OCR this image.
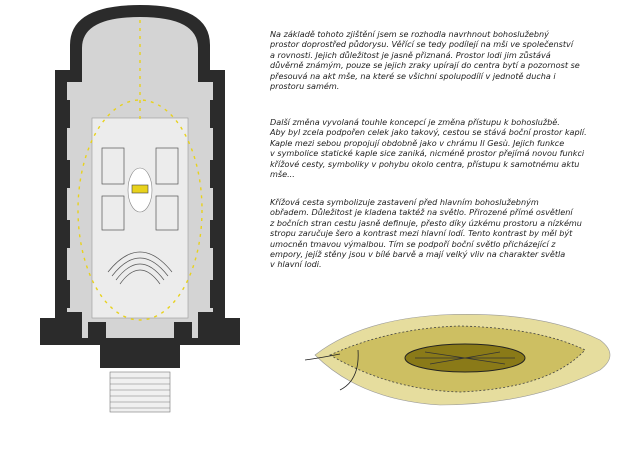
Na základě tohoto zjištění jsem se rozhodla navrhnout bohoslužebný
prostor doprostřed půdorysu. Věřící se tedy podílejí na mši ve společenství
a rovnosti. Jejich důležitost je jasně přiznaná. Prostor lodi jim zůstává
důvěrně známým, pouze se jejich zraky upírají do centra bytí a pozornost se
přesouvá na akt mše, na které se všichni spolupodílí v jednotě ducha i
prostoru samém.

Další změna vyvolaná touhle koncepcí je změna přístupu k bohoslužbě.
Aby byl zcela podpořen celek jako takový, cestou se stává boční prostor kaplí.
Kaple mezi sebou propojují obdobně jako v chrámu Il Gesù. Jejich funkce
v symbolice statické kaple sice zaniká, nicméně prostor přejímá novou funkci
křížové cesty, symboliky v pohybu okolo centra, přístupu k samotnému aktu
mše...

Křížová cesta symbolizuje zastavení před hlavním bohoslužebným
obřadem. Důležitost je kladena taktéž na světlo. Přirozené přímé osvětlení
z bočních stran cestu jasně definuje, přesto díky úzkému prostoru a nízkému
stropu zaručuje šero a kontrast mezi hlavní lodí. Tento kontrast by měl být
umocněn tmavou výmalbou. Tím se podpoří boční světlo přicházející z
empory, jejíž stěny jsou v bílé barvě a mají velký vliv na charakter světla
v hlavní lodi.
